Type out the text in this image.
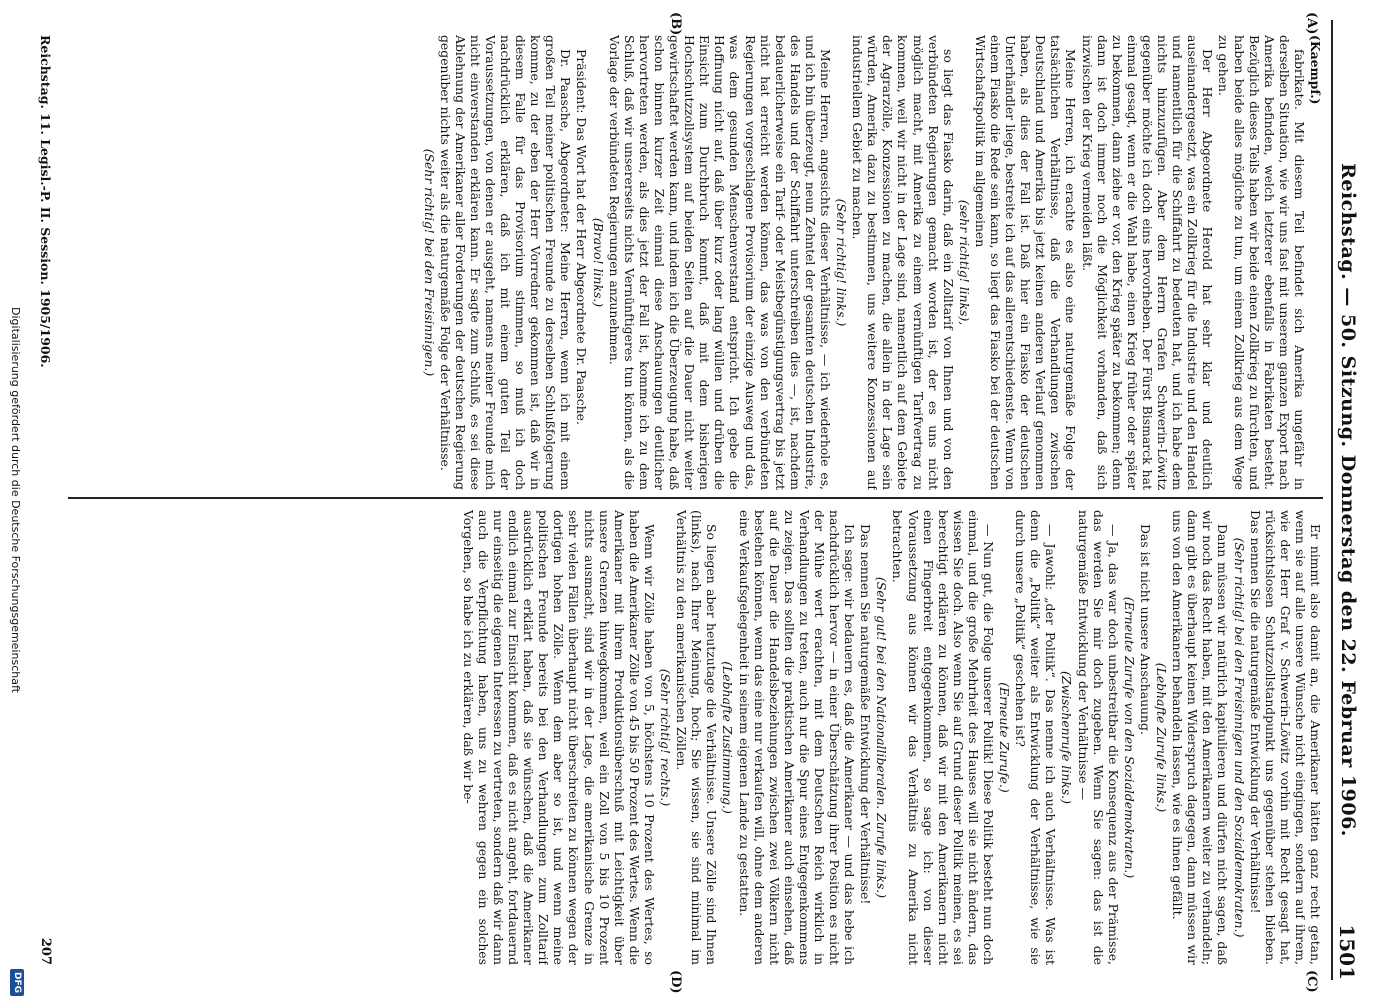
Reichstag. — 50. Sitzung. Donnerstag den 22. Februar 1906.
1501
(A)
(B)
(C)
(D)

(Kaempf.)

fabrikate. Mit diesem Teil befindet sich Amerika ungefähr in derselben Situation, wie wir uns fast mit unserem ganzen Export nach Amerika befinden, welch letzterer ebenfalls in Fabrikaten besteht. Bezüglich dieses Teils haben wir beide einen Zollkrieg zu fürchten, und haben beide alles mögliche zu tun, um einem Zollkrieg aus dem Wege zu gehen.

Der Herr Abgeordnete Herold hat sehr klar und deutlich auseinandergesetzt, was ein Zollkrieg für die Industrie und den Handel und namentlich für die Schiffahrt zu bedeuten hat, und ich habe dem nichts hinzuzufügen. Aber dem Herrn Grafen Schwerin-Löwitz gegenüber möchte ich doch eins hervorheben. Der Fürst Bismarck hat einmal gesagt, wenn er die Wahl habe, einen Krieg früher oder später zu bekommen, dann ziehe er vor, den Krieg später zu bekommen; denn dann ist doch immer noch die Möglichkeit vorhanden, daß sich inzwischen der Krieg vermeiden läßt.

Meine Herren, ich erachte es also eine naturgemäße Folge der tatsächlichen Verhältnisse, daß die Verhandlungen zwischen Deutschland und Amerika bis jetzt keinen anderen Verlauf genommen haben, als dies der Fall ist. Daß hier ein Fiasko der deutschen Unterhändler liege, bestreite ich auf das allerentschiedenste. Wenn von einem Fiasko die Rede sein kann, so liegt das Fiasko bei der deutschen Wirtschaftspolitik im allgemeinen

(sehr richtig! links),

so liegt das Fiasko darin, daß ein Zolltarif von Ihnen und von den verbündeten Regierungen gemacht worden ist, der es uns nicht möglich macht, mit Amerika zu einem vernünftigen Tarifvertrag zu kommen, weil wir nicht in der Lage sind, namentlich auf dem Gebiete der Agrarzölle, Konzessionen zu machen, die allein in der Lage sein würden, Amerika dazu zu bestimmen, uns weitere Konzessionen auf industriellem Gebiet zu machen.

(Sehr richtig! links.)

Meine Herren, angesichts dieser Verhältnisse, — ich wiederhole es, und ich bin überzeugt, neun Zehntel der gesamten deutschen Industrie, des Handels und der Schiffahrt unterschreiben dies —, ist, nachdem bedauerlicherweise ein Tarif- oder Meistbegünstigungsvertrag bis jetzt nicht hat erreicht werden können, das was von den verbündeten Regierungen vorgeschlagene Provisorium der einzige Ausweg und das, was dem gesunden Menschenverstand entspricht. Ich gebe die Hoffnung nicht auf, daß über kurz oder lang wüllen und drüben die Einsicht zum Durchbruch kommt, daß mit dem bisherigen Hochschutzzollsystem auf beiden Seiten auf die Dauer nicht weiter gewirtschaftet werden kann, und indem ich die Überzeugung habe, daß schon binnen kurzer Zeit einmal diese Anschauungen deutlicher hervortreten werden, als dies jetzt der Fall ist, komme ich zu dem Schluß, daß wir unsererseits nichts Vernünftigeres tun können, als die Vorlage der verbündeten Regierungen anzunehmen.

(Bravo! links.)

Präsident: Das Wort hat der Herr Abgeordnete Dr. Paasche.

Dr. Paasche, Abgeordneter: Meine Herren, wenn ich mit einem großen Teil meiner politischen Freunde zu derselben Schlußfolgerung komme, zu der eben der Herr Vorredner gekommen ist, daß wir in diesem Falle für das Provisorium stimmen, so muß ich doch nachdrücklich erklären, daß ich mit einem guten Teil der Voraussetzungen, von denen er ausgeht, namens meiner Freunde mich nicht einverstanden erklären kann. Er sagte zum Schluß, es sei diese Ablehnung der Amerikaner aller Forderungen der deutschen Regierung gegenüber nichts weiter als die naturgemäße Folge der Verhältnisse.

(Sehr richtig! bei den Freisinnigen.)

Er nimmt also damit an, die Amerikaner hätten ganz recht getan, wenn sie auf alle unsere Wünsche nicht eingingen, sondern auf ihrem, wie der Herr Graf v. Schwerin-Löwitz vorhin mit Recht gesagt hat, rücksichtslosen Schutzzollstandpunkt uns gegenüber stehen blieben. Das nennen Sie die naturgemäße Entwicklung der Verhältnisse!

(Sehr richtig! bei den Freisinnigen und den Sozialdemokraten.)

Dann müssen wir natürlich kapitulieren und dürfen nicht sagen, daß wir noch das Recht haben, mit den Amerikanern weiter zu verhandeln; dann gibt es überhaupt keinen Widerspruch dagegen, dann müssen wir uns von den Amerikanern behandeln lassen, wie es ihnen gefällt.

(Lebhafte Zurufe links.)

Das ist nicht unsere Anschauung.

(Erneute Zurufe von den Sozialdemokraten.)

— Ja, das war doch unbestreitbar die Konsequenz aus der Prämisse, das werden Sie mir doch zugeben. Wenn Sie sagen: das ist die naturgemäße Entwicklung der Verhältnisse —

(Zwischenrufe links.)

— Jawohl: „der Politik“. Das nenne ich auch Verhältnisse. Was ist denn die „Politik“ weiter als Entwicklung der Verhältnisse, wie sie durch unsere „Politik“ geschehen ist?

(Erneute Zurufe.)

— Nun gut, die Folge unserer Politik! Diese Politik besteht nun doch einmal, und die große Mehrheit des Hauses will sie nicht ändern, das wissen Sie doch. Also wenn Sie auf Grund dieser Politik meinen, es sei berechtigt erklären zu können, daß wir mit den Amerikanern nicht einen Fingerbreit entgegenkommen, so sage ich: von dieser Voraussetzung aus können wir das Verhältnis zu Amerika nicht betrachten.

(Sehr gut! bei den Nationalliberalen. Zurufe links.)

Das nennen Sie naturgemäße Entwicklung der Verhältnisse!

Ich sage: wir bedauern es, daß die Amerikaner — und das hebe ich nachdrücklich hervor — in einer Überschätzung ihrer Position es nicht der Mühe wert erachten, mit dem Deutschen Reich wirklich in Verhandlungen zu treten, auch nur die Spur eines Entgegenkommens zu zeigen. Das sollten die praktischen Amerikaner auch einsehen, daß auf die Dauer die Handelsbeziehungen zwischen zwei Völkern nicht bestehen können, wenn das eine nur verkaufen will, ohne dem anderen eine Verkaufsgelegenheit in seinem eigenen Lande zu gestatten.

(Lebhafte Zustimmung.)

So liegen aber heutzutage die Verhältnisse. Unsere Zölle sind Ihnen (links), nach Ihrer Meinung, hoch; Sie wissen, sie sind minimal im Verhältnis zu den amerikanischen Zöllen.

(Sehr richtig! rechts.)

Wenn wir Zölle haben von 5, höchstens 10 Prozent des Wertes, so haben die Amerikaner Zölle von 45 bis 50 Prozent des Wertes. Wenn die Amerikaner mit ihrem Produktionsüberschuß mit Leichtigkeit über unsere Grenzen hinwegkommen, weil ein Zoll von 5 bis 10 Prozent nichts ausmacht, sind wir in der Lage, die amerikanische Grenze in sehr vielen Fällen überhaupt nicht überschreiten zu können wegen der dortigen hohen Zölle. Wenn dem aber so ist, und wenn meine politischen Freunde bereits bei den Verhandlungen zum Zolltarif ausdrücklich erklärt haben, daß sie wünschen, daß die Amerikaner endlich einmal zur Einsicht kommen, daß es nicht angeht, fortdauernd nur einseitig die eigenen Interessen zu vertreten, sondern daß wir dann auch die Verpflichtung haben, uns zu wehren gegen ein solches Vorgehen, so habe ich zu erklären, daß wir be-

Reichstag. 11. Legisl.-P. II. Session. 1905/1906.
207
Digitalisierung gefördert durch die Deutsche Forschungsgemeinschaft
DFG
